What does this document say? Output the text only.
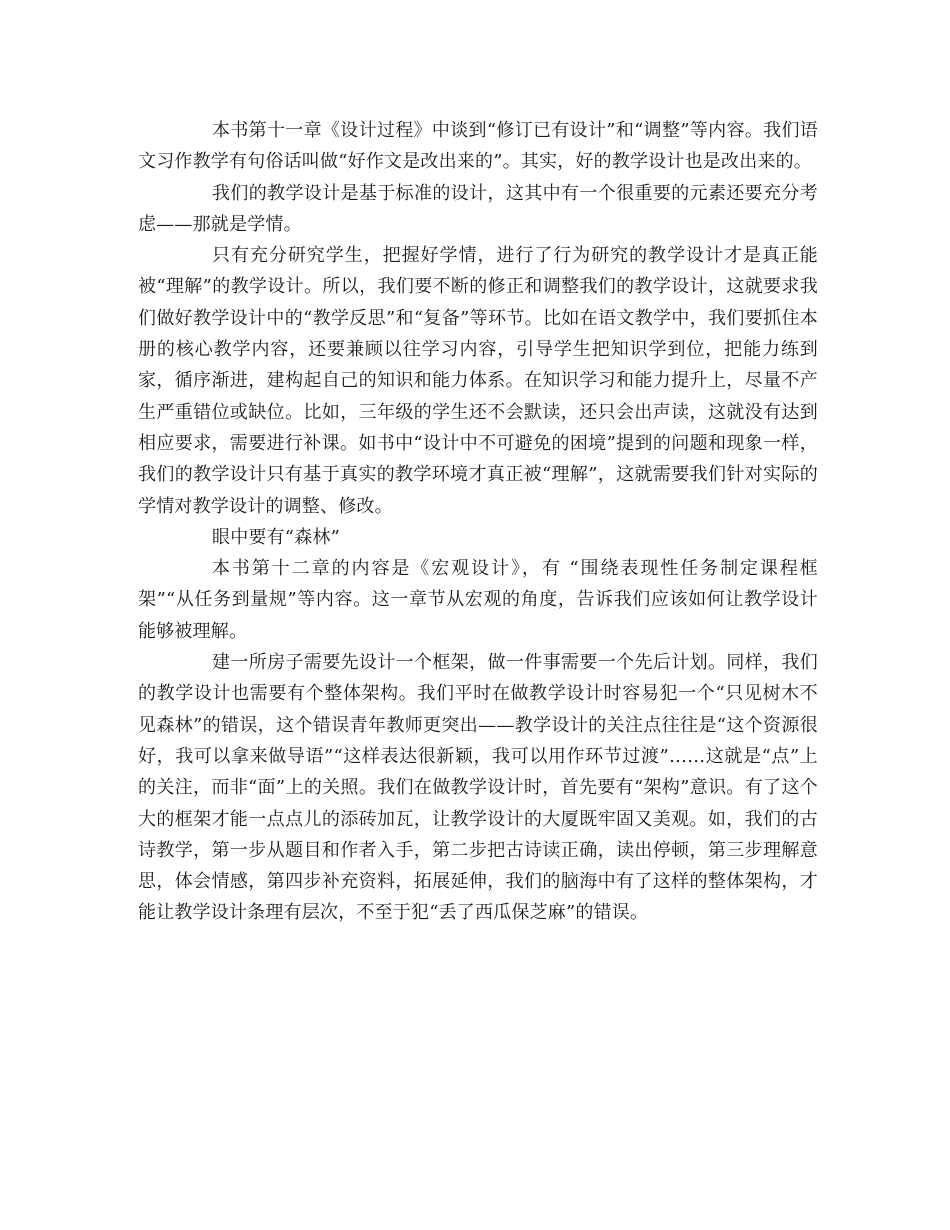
本书第十一章《设计过程》中谈到“修订已有设计”和“调整”等内容。我们语文习作教学有句俗话叫做“好作文是改出来的”。其实，好的教学设计也是改出来的。

我们的教学设计是基于标准的设计，这其中有一个很重要的元素还要充分考虑——那就是学情。

只有充分研究学生，把握好学情，进行了行为研究的教学设计才是真正能被“理解”的教学设计。所以，我们要不断的修正和调整我们的教学设计，这就要求我们做好教学设计中的“教学反思”和“复备”等环节。比如在语文教学中，我们要抓住本册的核心教学内容，还要兼顾以往学习内容，引导学生把知识学到位，把能力练到家，循序渐进，建构起自己的知识和能力体系。在知识学习和能力提升上，尽量不产生严重错位或缺位。比如，三年级的学生还不会默读，还只会出声读，这就没有达到相应要求，需要进行补课。如书中“设计中不可避免的困境”提到的问题和现象一样，我们的教学设计只有基于真实的教学环境才真正被“理解”，这就需要我们针对实际的学情对教学设计的调整、修改。

眼中要有“森林”

本书第十二章的内容是《宏观设计》，有 “围绕表现性任务制定课程框架”“从任务到量规”等内容。这一章节从宏观的角度，告诉我们应该如何让教学设计能够被理解。

建一所房子需要先设计一个框架，做一件事需要一个先后计划。同样，我们的教学设计也需要有个整体架构。我们平时在做教学设计时容易犯一个“只见树木不见森林”的错误，这个错误青年教师更突出——教学设计的关注点往往是“这个资源很好，我可以拿来做导语”“这样表达很新颖，我可以用作环节过渡”……这就是“点”上的关注，而非“面”上的关照。我们在做教学设计时，首先要有“架构”意识。有了这个大的框架才能一点点儿的添砖加瓦，让教学设计的大厦既牢固又美观。如，我们的古诗教学，第一步从题目和作者入手，第二步把古诗读正确，读出停顿，第三步理解意思，体会情感，第四步补充资料，拓展延伸，我们的脑海中有了这样的整体架构，才能让教学设计条理有层次，不至于犯“丢了西瓜保芝麻”的错误。
